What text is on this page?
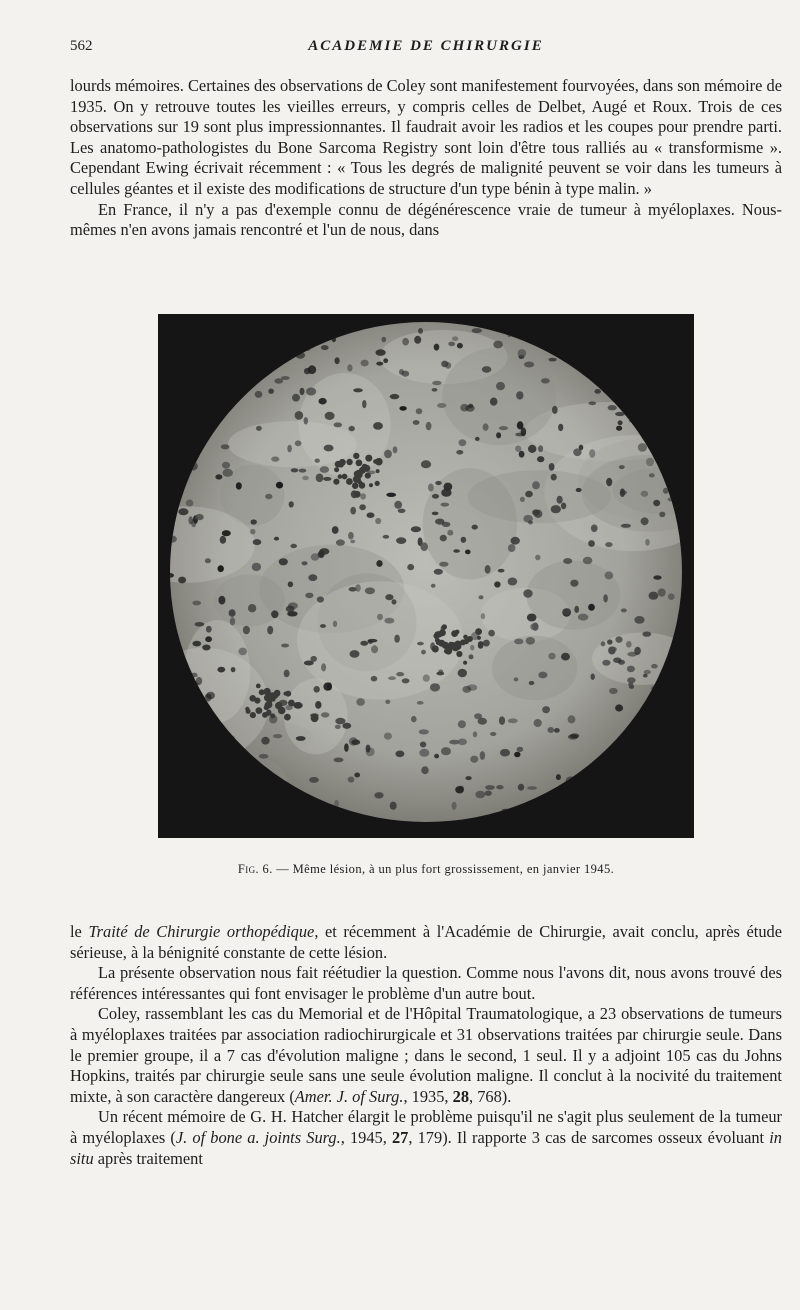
562	ACADEMIE DE CHIRURGIE

lourds mémoires. Certaines des observations de Coley sont manifestement fourvoyées, dans son mémoire de 1935. On y retrouve toutes les vieilles erreurs, y compris celles de Delbet, Augé et Roux. Trois de ces observations sur 19 sont plus impressionnantes. Il faudrait avoir les radios et les coupes pour prendre parti. Les anatomo-pathologistes du Bone Sarcoma Registry sont loin d'être tous ralliés au « transformisme ». Cependant Ewing écrivait récemment : « Tous les degrés de malignité peuvent se voir dans les tumeurs à cellules géantes et il existe des modifications de structure d'un type bénin à type malin. »

En France, il n'y a pas d'exemple connu de dégénérescence vraie de tumeur à myéloplaxes. Nous-mêmes n'en avons jamais rencontré et l'un de nous, dans

Fig. 6. — Même lésion, à un plus fort grossissement, en janvier 1945.

le Traité de Chirurgie orthopédique, et récemment à l'Académie de Chirurgie, avait conclu, après étude sérieuse, à la bénignité constante de cette lésion.

La présente observation nous fait réétudier la question. Comme nous l'avons dit, nous avons trouvé des références intéressantes qui font envisager le problème d'un autre bout.

Coley, rassemblant les cas du Memorial et de l'Hôpital Traumatologique, a 23 observations de tumeurs à myéloplaxes traitées par association radiochirurgicale et 31 observations traitées par chirurgie seule. Dans le premier groupe, il a 7 cas d'évolution maligne ; dans le second, 1 seul. Il y a adjoint 105 cas du Johns Hopkins, traités par chirurgie seule sans une seule évolution maligne. Il conclut à la nocivité du traitement mixte, à son caractère dangereux (Amer. J. of Surg., 1935, 28, 768).

Un récent mémoire de G. H. Hatcher élargit le problème puisqu'il ne s'agit plus seulement de la tumeur à myéloplaxes (J. of bone a. joints Surg., 1945, 27, 179). Il rapporte 3 cas de sarcomes osseux évoluant in situ après traitement
